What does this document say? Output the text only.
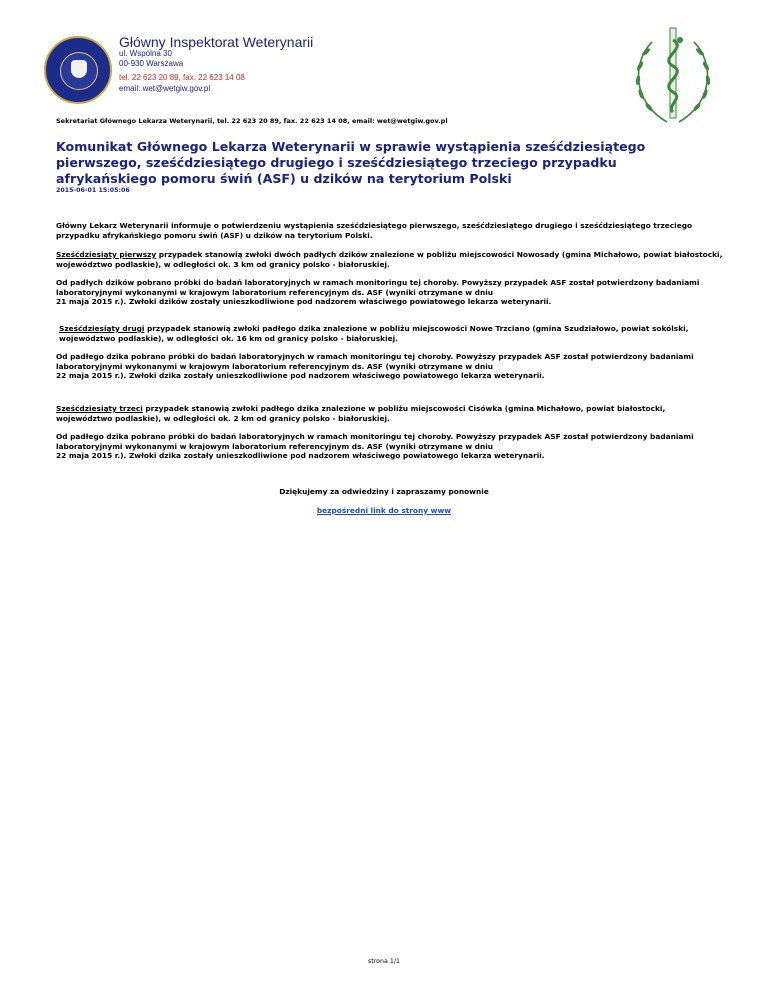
Główny Inspektorat Weterynarii
ul. Wspólna 30
00-930 Warszawa
tel. 22 623 20 89, fax. 22 623 14 08
email: wet@wetgiw.gov.pl
Sekretariat Głównego Lekarza Weterynarii, tel. 22 623 20 89, fax. 22 623 14 08, email: wet@wetgiw.gov.pl
Komunikat Głównego Lekarza Weterynarii w sprawie wystąpienia sześćdziesiątego pierwszego, sześćdziesiątego drugiego i sześćdziesiątego trzeciego przypadku afrykańskiego pomoru świń (ASF) u dzików na terytorium Polski
2015-06-01 15:05:06
Główny Lekarz Weterynarii informuje o potwierdzeniu wystąpienia sześćdziesiątego pierwszego, sześćdziesiątego drugiego i sześćdziesiątego trzeciego przypadku afrykańskiego pomoru świń (ASF) u dzików na terytorium Polski.
Sześćdziesiąty pierwszy przypadek stanowią zwłoki dwóch padłych dzików znalezione w pobliżu miejscowości Nowosady (gmina Michałowo, powiat białostocki, województwo podlaskie), w odległości ok. 3 km od granicy polsko - białoruskiej.
Od padłych dzików pobrano próbki do badań laboratoryjnych w ramach monitoringu tej choroby. Powyższy przypadek ASF został potwierdzony badaniami laboratoryjnymi wykonanymi w krajowym laboratorium referencyjnym ds. ASF (wyniki otrzymane w dniu
21 maja 2015 r.). Zwłoki dzików zostały unieszkodliwione pod nadzorem właściwego powiatowego lekarza weterynarii.
Sześćdziesiąty drugi przypadek stanowią zwłoki padłego dzika znalezione w pobliżu miejscowości Nowe Trzciano (gmina Szudziałowo, powiat sokólski, województwo podlaskie), w odległości ok. 16 km od granicy polsko - białoruskiej.
Od padłego dzika pobrano próbki do badań laboratoryjnych w ramach monitoringu tej choroby. Powyższy przypadek ASF został potwierdzony badaniami laboratoryjnymi wykonanymi w krajowym laboratorium referencyjnym ds. ASF (wyniki otrzymane w dniu
22 maja 2015 r.). Zwłoki dzika zostały unieszkodliwione pod nadzorem właściwego powiatowego lekarza weterynarii.
Sześćdziesiąty trzeci przypadek stanowią zwłoki padłego dzika znalezione w pobliżu miejscowości Cisówka (gmina Michałowo, powiat białostocki, województwo podlaskie), w odległości ok. 2 km od granicy polsko - białoruskiej.
Od padłego dzika pobrano próbki do badań laboratoryjnych w ramach monitoringu tej choroby. Powyższy przypadek ASF został potwierdzony badaniami laboratoryjnymi wykonanymi w krajowym laboratorium referencyjnym ds. ASF (wyniki otrzymane w dniu
22 maja 2015 r.). Zwłoki dzika zostały unieszkodliwione pod nadzorem właściwego powiatowego lekarza weterynarii.
Dziękujemy za odwiedziny i zapraszamy ponownie
bezpośredni link do strony www
strona 1/1
